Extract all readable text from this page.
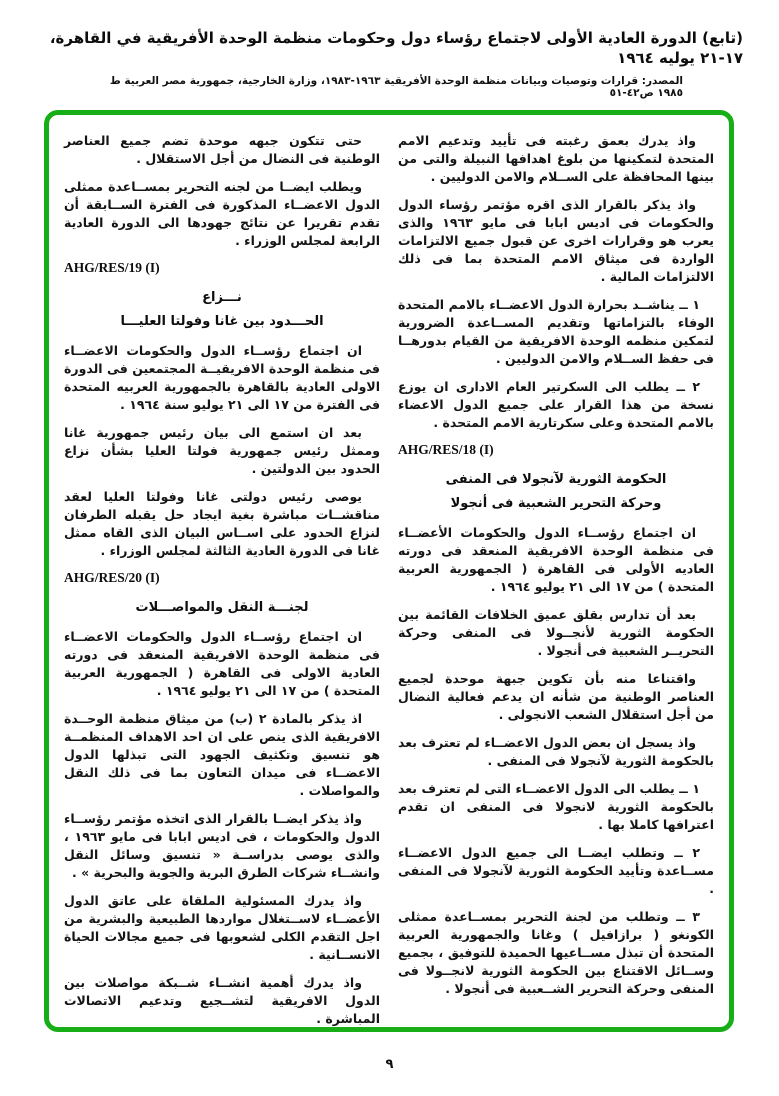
(تابع) الدورة العادية الأولى لاجتماع رؤساء دول وحكومات منظمة الوحدة الأفريقية في القاهرة، ١٧-٢١ يوليه ١٩٦٤
المصدر: قرارات وتوصيات وبيانات منظمة الوحدة الأفريقية ١٩٦٣-١٩٨٣، وزارة الخارجية، جمهورية مصر العربية ط ١٩٨٥ ص٤٢-٥١

واذ يدرك بعمق رغبته فى تأييد وتدعيم الامم المتحدة لتمكينها من بلوغ اهدافها النبيلة والتى من بينها المحافظة على الســلام والامن الدوليين .

واذ يذكر بالقرار الذى اقره مؤتمر رؤساء الدول والحكومات فى اديس ابابا فى مايو ١٩٦٣ والذى يعرب هو وقرارات اخرى عن قبول جميع الالتزامات الواردة فى ميثاق الامم المتحدة بما فى ذلك الالتزامات المالية .

١ ــ يناشــد بحرارة الدول الاعضــاء بالامم المتحدة الوفاء بالتزاماتها وتقديم المســاعدة الضرورية لتمكين منظمه الوحدة الافريقية من القيام بدورهــا فى حفظ الســلام والامن الدوليين .

٢ ــ يطلب الى السكرتير العام الادارى ان يوزع نسخة من هذا القرار على جميع الدول الاعضاء بالامم المتحدة وعلى سكرتارية الامم المتحدة .

AHG/RES/18 (I)
الحكومة الثورية لآنجولا فى المنفى
وحركة التحرير الشعبية فى أنجولا

ان اجتماع رؤســاء الدول والحكومات الأعضــاء فى منظمة الوحدة الافريقية المنعقد فى دورته العاديه الأولى فى القاهرة ( الجمهورية العربية المتحدة ) من ١٧ الى ٢١ يوليو ١٩٦٤ .

بعد أن تدارس بقلق عميق الخلافات القائمة بين الحكومة الثورية لأنجــولا فى المنفى وحركة التحريــر الشعبية فى أنجولا .

واقتناعا منه بأن تكوين جبهة موحدة لجميع العناصر الوطنية من شأنه ان يدعم فعالية النضال من أجل استقلال الشعب الانجولى .

واذ يسجل ان بعض الدول الاعضــاء لم تعترف بعد بالحكومة الثورية لآنجولا فى المنفى .

١ ــ يطلب الى الدول الاعضــاء التى لم تعترف بعد بالحكومة الثورية لانجولا فى المنفى ان تقدم اعترافها كاملا بها .

٢ ــ وتطلب ايضــا الى جميع الدول الاعضــاء مســاعدة وتأييد الحكومة الثورية لآنجولا فى المنفى .

٣ ــ وتطلب من لجنة التحرير بمســاعدة ممثلى الكونغو ( برازافيل ) وغانا والجمهورية العربية المتحدة أن تبذل مســاعيها الحميدة للتوفيق ، بجميع وســائل الاقتناع بين الحكومة الثورية لانجــولا فى المنفى وحركة التحرير الشــعبية فى أنجولا .

حتى تتكون جبهه موحدة تضم جميع العناصر الوطنية فى النضال من أجل الاستقلال .

ويطلب ايضــا من لجنه التحرير بمســاعدة ممثلى الدول الاعضــاء المذكورة فى الفترة الســابقة أن تقدم تقريرا عن نتائج جهودها الى الدورة العادية الرابعة لمجلس الوزراء .

AHG/RES/19 (I)
نـــزاع
الحـــدود بين غانا وفولتا العليـــا

ان اجتماع رؤســاء الدول والحكومات الاعضــاء فى منظمة الوحدة الافريقيــة المجتمعين فى الدورة الاولى العادية بالقاهرة بالجمهورية العربيه المتحدة فى الفترة من ١٧ الى ٢١ يوليو سنة ١٩٦٤ .

بعد ان استمع الى بيان رئيس جمهورية غانا وممثل رئيس جمهورية فولتا العليا بشأن نزاع الحدود بين الدولتين .

يوصى رئيس دولتى غانا وفولتا العليا لعقد مناقشــات مباشرة بغية ايجاد حل يقبله الطرفان لنزاع الحدود على اســاس البيان الذى القاه ممثل غانا فى الدورة العادية الثالثة لمجلس الوزراء .

AHG/RES/20 (I)
لجنـــة النقل والمواصـــلات

ان اجتماع رؤســاء الدول والحكومات الاعضــاء فى منظمة الوحدة الافريقية المنعقد فى دورته العادية الاولى فى القاهرة ( الجمهورية العربية المتحدة ) من ١٧ الى ٢١ يوليو ١٩٦٤ .

اذ يذكر بالمادة ٢ (ب) من ميثاق منظمة الوحــدة الافريقية الذى ينص على ان احد الاهداف المنظمــة هو تنسيق وتكثيف الجهود التى تبذلها الدول الاعضــاء فى ميدان التعاون بما فى ذلك النقل والمواصلات .

واذ يذكر ايضــا بالقرار الذى اتخذه مؤتمر رؤســاء الدول والحكومات ، فى اديس ابابا فى مايو ١٩٦٣ ، والذى يوصى بدراســة « تنسيق وسائل النقل وانشــاء شركات الطرق البرية والجوية والبحرية » .

واذ يدرك المسئولية الملقاة على عاتق الدول الأعضــاء لاســتغلال مواردها الطبيعية والبشرية من اجل التقدم الكلى لشعوبها فى جميع مجالات الحياة الانســانية .

واذ يدرك أهمية انشــاء شــبكة مواصلات بين الدول الافريقية لتشــجيع وتدعيم الاتصالات المباشرة .

٩
